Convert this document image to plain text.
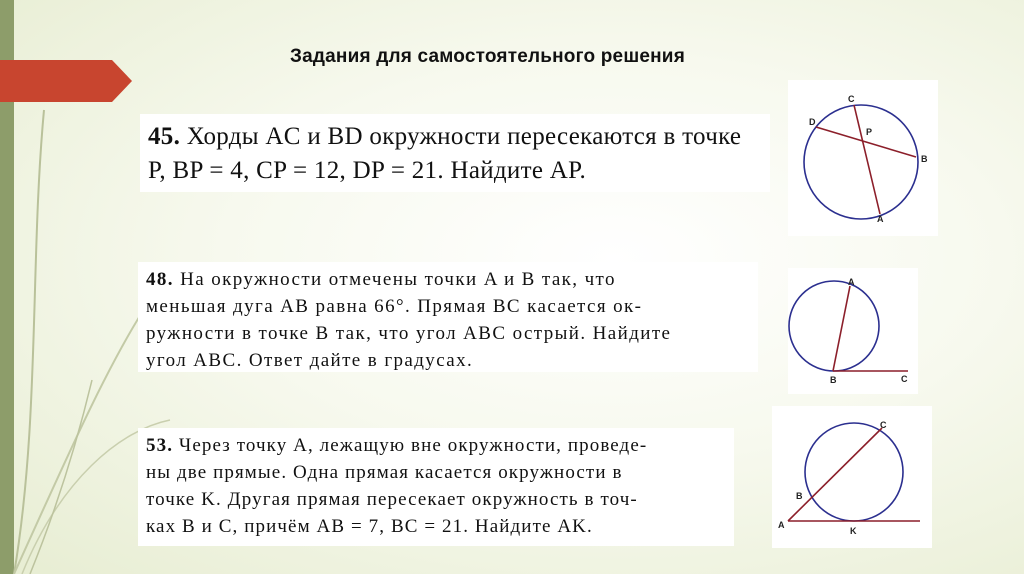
Задания для самостоятельного решения
45. Хорды AC и BD окружности пересекаются в точке
P, BP = 4, CP = 12, DP = 21. Найдите AP.
C
D
P
B
A
48. На окружности отмечены точки A и B так, что
меньшая дуга AB равна 66°. Прямая BC касается ок-
ружности в точке B так, что угол ABC острый. Найдите
угол ABC. Ответ дайте в градусах.
A
B	C
53. Через точку A, лежащую вне окружности, проведе-
ны две прямые. Одна прямая касается окружности в
точке K. Другая прямая пересекает окружность в точ-
ках B и C, причём AB = 7, BC = 21. Найдите AK.
C
B
A
K
